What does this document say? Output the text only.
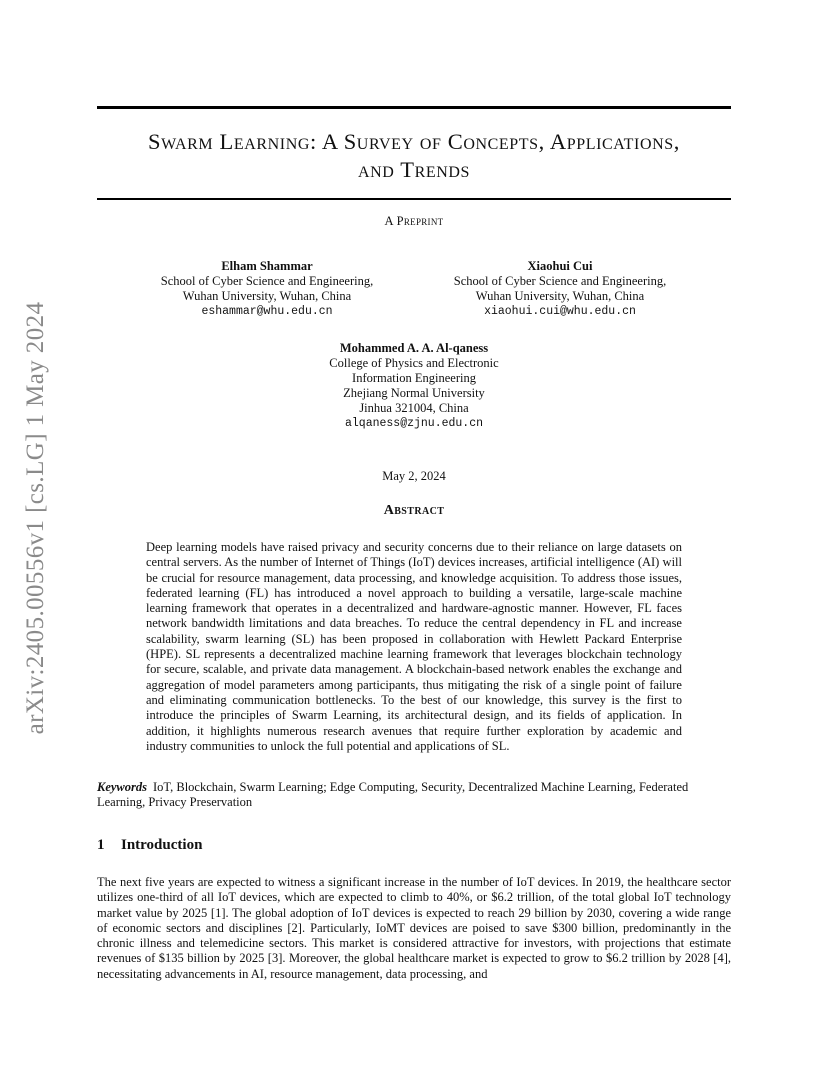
Swarm Learning: A Survey of Concepts, Applications,
and Trends
A Preprint
Elham Shammar
School of Cyber Science and Engineering,
Wuhan University, Wuhan, China
eshammar@whu.edu.cn
Xiaohui Cui
School of Cyber Science and Engineering,
Wuhan University, Wuhan, China
xiaohui.cui@whu.edu.cn
Mohammed A. A. Al-qaness
College of Physics and Electronic
Information Engineering
Zhejiang Normal University
Jinhua 321004, China
alqaness@zjnu.edu.cn
May 2, 2024
Abstract

Deep learning models have raised privacy and security concerns due to their reliance on large datasets on central servers. As the number of Internet of Things (IoT) devices increases, artificial intelligence (AI) will be crucial for resource management, data processing, and knowledge acquisition. To address those issues, federated learning (FL) has introduced a novel approach to building a versatile, large-scale machine learning framework that operates in a decentralized and hardware-agnostic manner. However, FL faces network bandwidth limitations and data breaches. To reduce the central dependency in FL and increase scalability, swarm learning (SL) has been proposed in collaboration with Hewlett Packard Enterprise (HPE). SL represents a decentralized machine learning framework that leverages blockchain technology for secure, scalable, and private data management. A blockchain-based network enables the exchange and aggregation of model parameters among participants, thus mitigating the risk of a single point of failure and eliminating communication bottlenecks. To the best of our knowledge, this survey is the first to introduce the principles of Swarm Learning, its architectural design, and its fields of application. In addition, it highlights numerous research avenues that require further exploration by academic and industry communities to unlock the full potential and applications of SL.

Keywords IoT, Blockchain, Swarm Learning; Edge Computing, Security, Decentralized Machine Learning, Federated Learning, Privacy Preservation

1 Introduction

The next five years are expected to witness a significant increase in the number of IoT devices. In 2019, the healthcare sector utilizes one-third of all IoT devices, which are expected to climb to 40%, or $6.2 trillion, of the total global IoT technology market value by 2025 [1]. The global adoption of IoT devices is expected to reach 29 billion by 2030, covering a wide range of economic sectors and disciplines [2]. Particularly, IoMT devices are poised to save $300 billion, predominantly in the chronic illness and telemedicine sectors. This market is considered attractive for investors, with projections that estimate revenues of $135 billion by 2025 [3]. Moreover, the global healthcare market is expected to grow to $6.2 trillion by 2028 [4], necessitating advancements in AI, resource management, data processing, and

arXiv:2405.00556v1 [cs.LG] 1 May 2024
